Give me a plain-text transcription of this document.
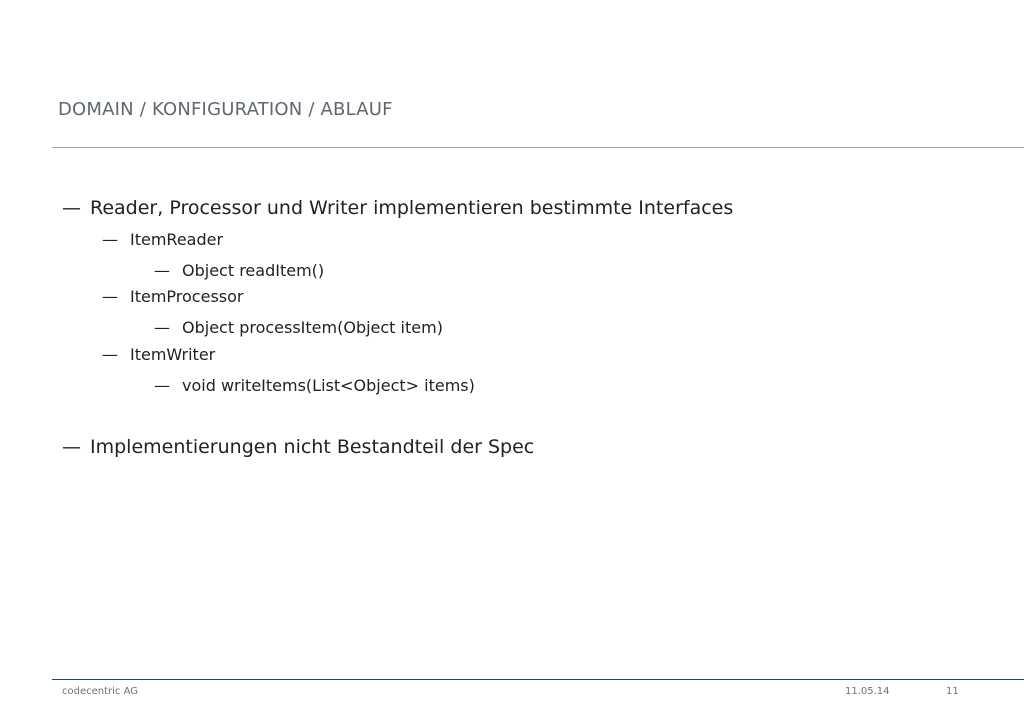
DOMAIN / KONFIGURATION / ABLAUF
— Reader, Processor und Writer implementieren bestimmte Interfaces
— ItemReader
— Object readItem()
— ItemProcessor
— Object processItem(Object item)
— ItemWriter
— void writeItems(List<Object> items)
— Implementierungen nicht Bestandteil der Spec
codecentric AG	11.05.14	11
